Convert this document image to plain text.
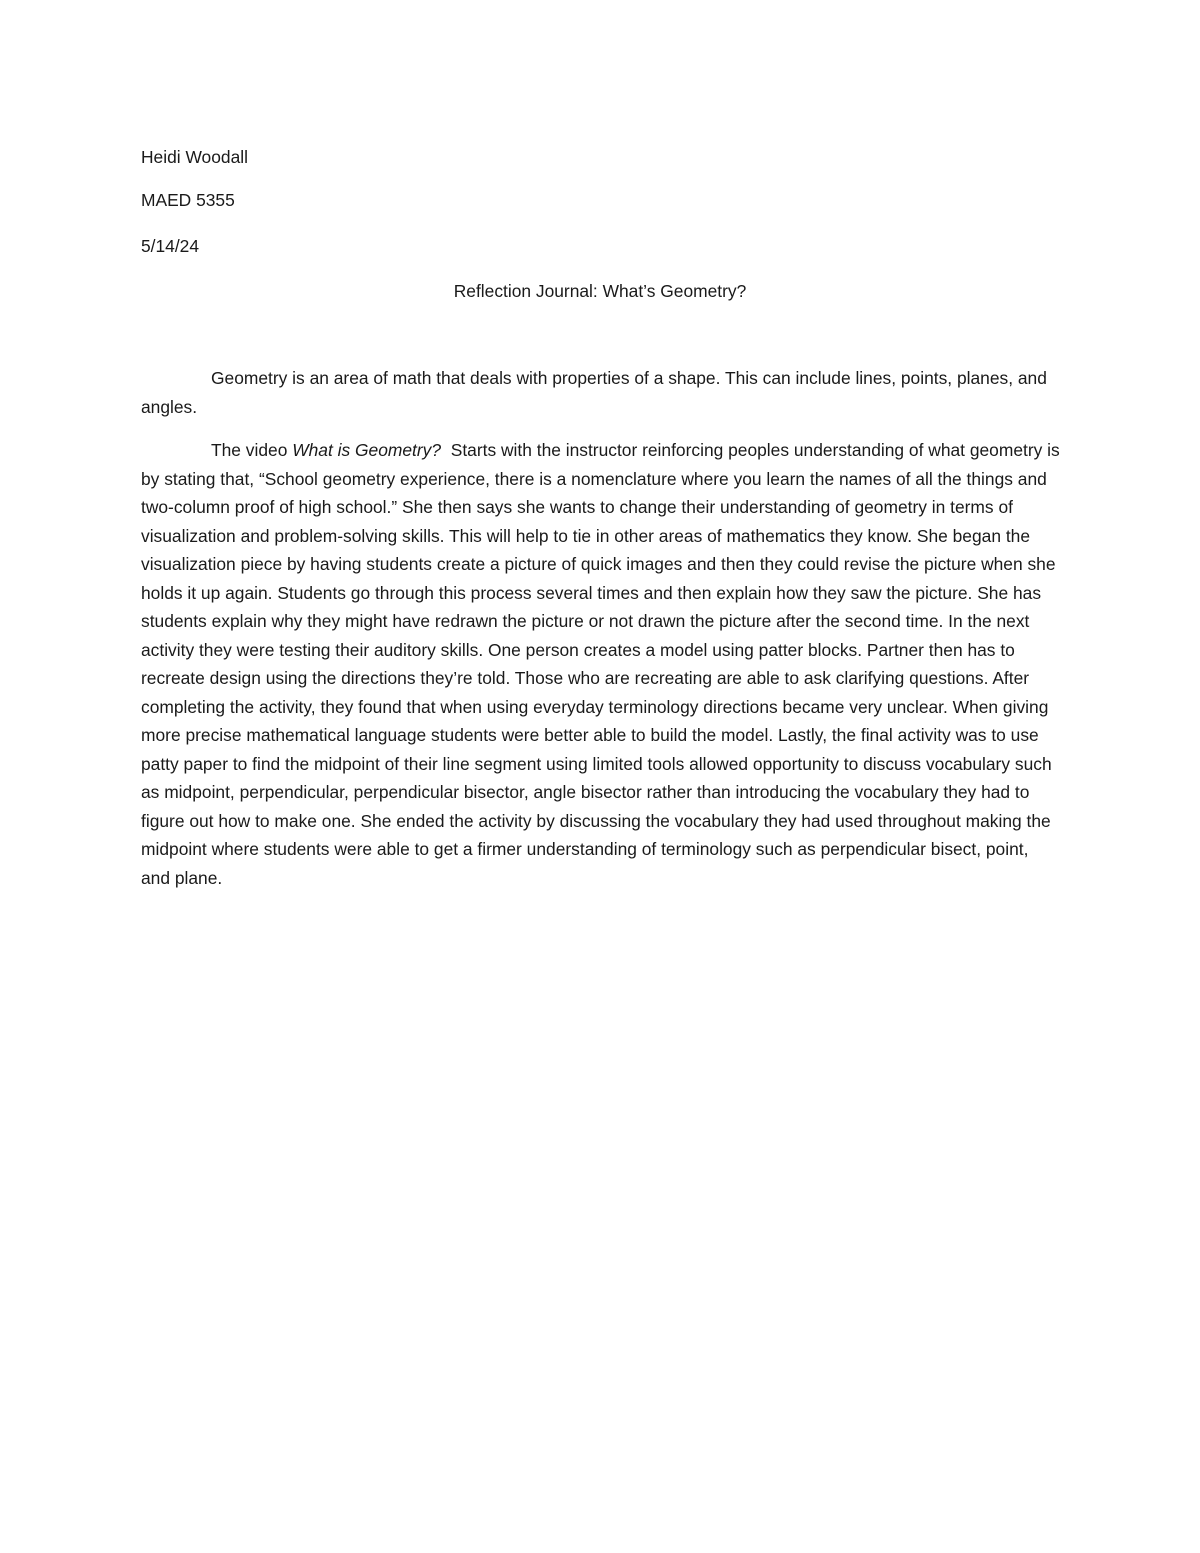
Heidi Woodall

MAED 5355

5/14/24

Reflection Journal: What’s Geometry?

Geometry is an area of math that deals with properties of a shape. This can include lines, points, planes, and angles.

The video What is Geometry?  Starts with the instructor reinforcing peoples understanding of what geometry is by stating that, “School geometry experience, there is a nomenclature where you learn the names of all the things and two-column proof of high school.” She then says she wants to change their understanding of geometry in terms of visualization and problem-solving skills. This will help to tie in other areas of mathematics they know. She began the visualization piece by having students create a picture of quick images and then they could revise the picture when she holds it up again. Students go through this process several times and then explain how they saw the picture. She has students explain why they might have redrawn the picture or not drawn the picture after the second time. In the next activity they were testing their auditory skills. One person creates a model using patter blocks. Partner then has to recreate design using the directions they’re told. Those who are recreating are able to ask clarifying questions. After completing the activity, they found that when using everyday terminology directions became very unclear. When giving more precise mathematical language students were better able to build the model. Lastly, the final activity was to use patty paper to find the midpoint of their line segment using limited tools allowed opportunity to discuss vocabulary such as midpoint, perpendicular, perpendicular bisector, angle bisector rather than introducing the vocabulary they had to figure out how to make one. She ended the activity by discussing the vocabulary they had used throughout making the midpoint where students were able to get a firmer understanding of terminology such as perpendicular bisect, point, and plane.
